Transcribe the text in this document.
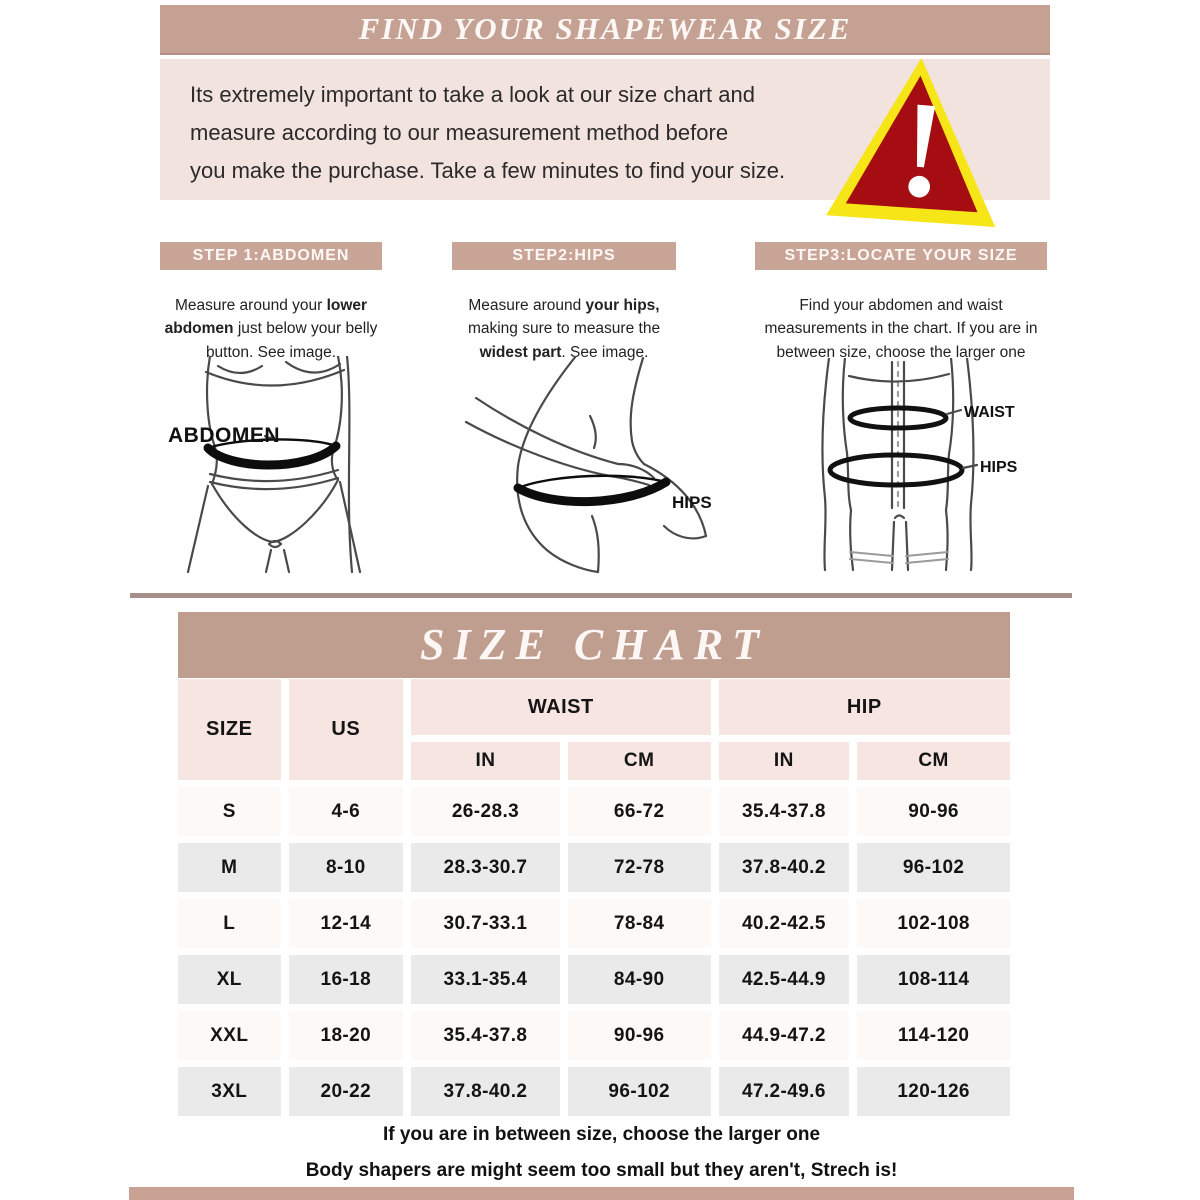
FIND YOUR SHAPEWEAR SIZE
Its extremely important to take a look at our size chart and
measure according to our measurement method before
you make the purchase. Take a few minutes to find your size.
STEP 1:ABDOMEN	STEP2:HIPS	STEP3:LOCATE YOUR SIZE

Measure around your lower abdomen just below your belly button. See image.

Measure around your hips, making sure to measure the widest part. See image.

Find your abdomen and waist measurements in the chart. If you are in between size, choose the larger one

ABDOMEN
HIPS
WAIST
HIPS
SIZE CHART
SIZE	US	WAIST		HIP	
		IN	CM	IN	CM
S	4-6	26-28.3	66-72	35.4-37.8	90-96
M	8-10	28.3-30.7	72-78	37.8-40.2	96-102
L	12-14	30.7-33.1	78-84	40.2-42.5	102-108
XL	16-18	33.1-35.4	84-90	42.5-44.9	108-114
XXL	18-20	35.4-37.8	90-96	44.9-47.2	114-120
3XL	20-22	37.8-40.2	96-102	47.2-49.6	120-126
If you are in between size, choose the larger one
Body shapers are might seem too small but they aren't, Strech is!
